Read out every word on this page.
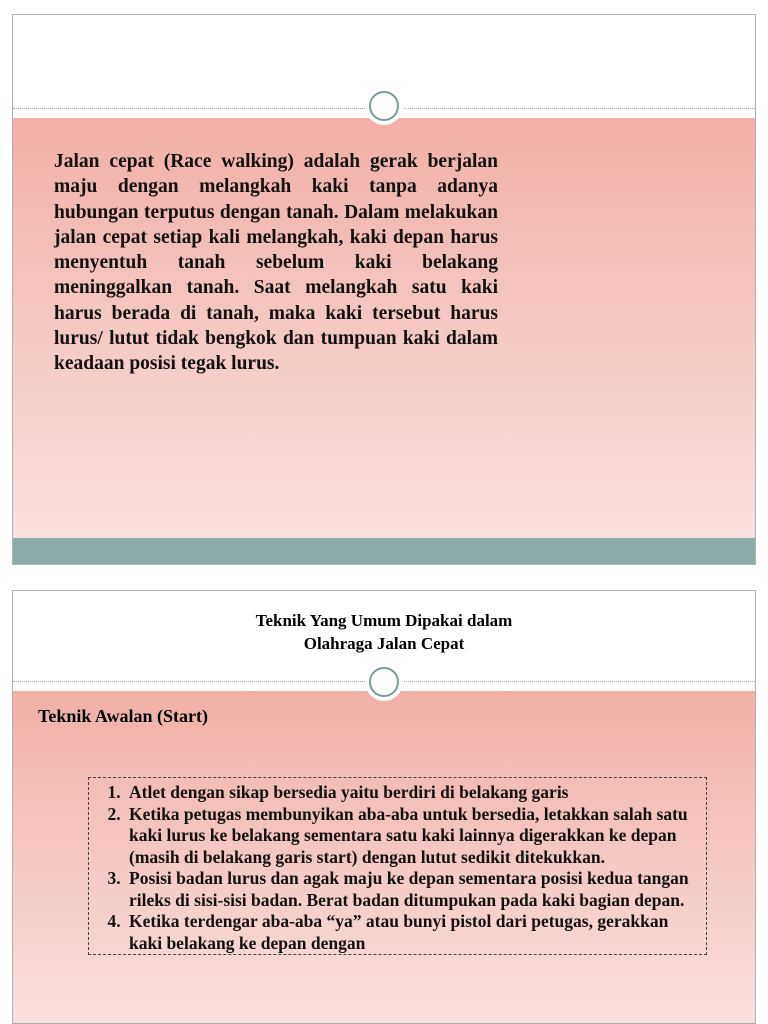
Jalan cepat (Race walking) adalah gerak berjalan maju dengan melangkah kaki tanpa adanya hubungan terputus dengan tanah. Dalam melakukan jalan cepat setiap kali melangkah, kaki depan harus menyentuh tanah sebelum kaki belakang meninggalkan tanah. Saat melangkah satu kaki harus berada di tanah, maka kaki tersebut harus lurus/ lutut tidak bengkok dan tumpuan kaki dalam keadaan posisi tegak lurus.

Teknik Yang Umum Dipakai dalam
Olahraga Jalan Cepat
Teknik Awalan (Start)
1. Atlet dengan sikap bersedia yaitu berdiri di belakang garis
2. Ketika petugas membunyikan aba-aba untuk bersedia, letakkan salah satu kaki lurus ke belakang sementara satu kaki lainnya digerakkan ke depan (masih di belakang garis start) dengan lutut sedikit ditekukkan.
3. Posisi badan lurus dan agak maju ke depan sementara posisi kedua tangan rileks di sisi-sisi badan. Berat badan ditumpukan pada kaki bagian depan.
4. Ketika terdengar aba-aba “ya” atau bunyi pistol dari petugas, gerakkan kaki belakang ke depan dengan
